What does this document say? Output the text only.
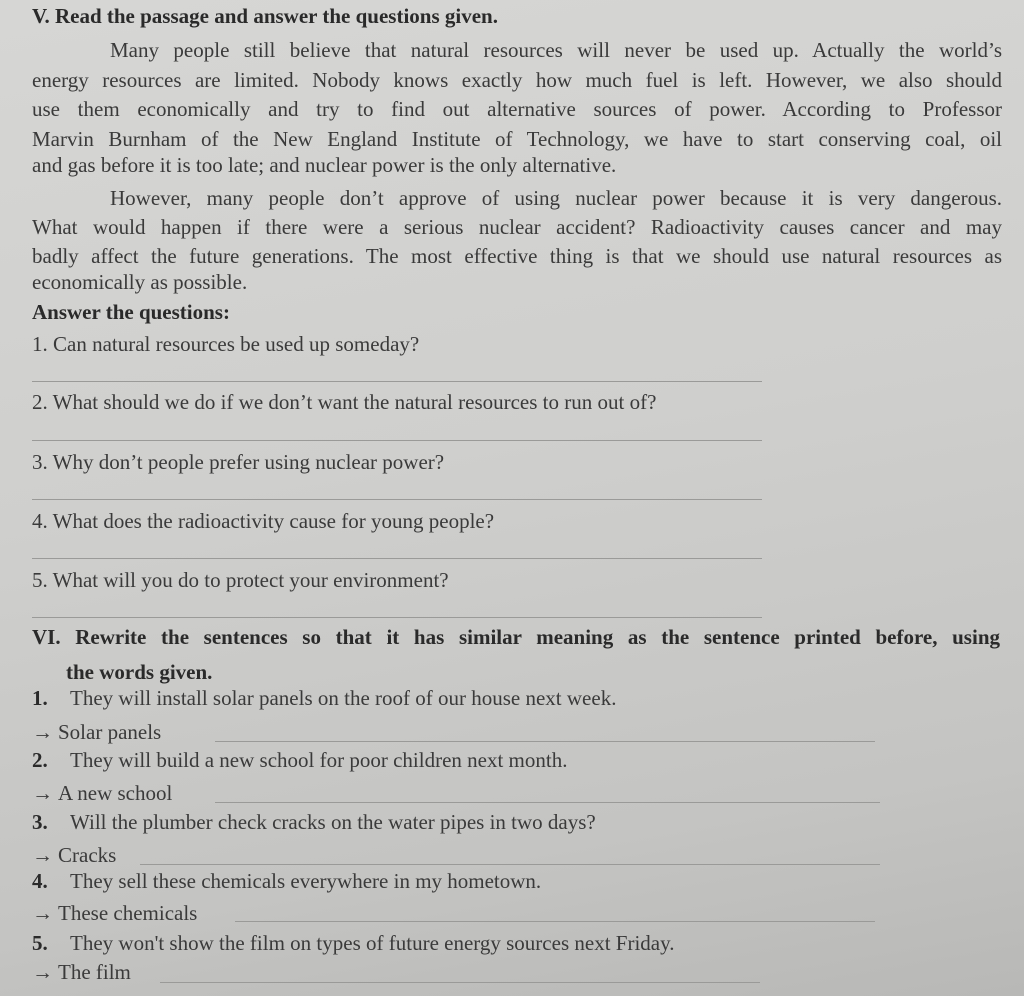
V. Read the passage and answer the questions given.
Many people still believe that natural resources will never be used up. Actually the world’s
energy resources are limited. Nobody knows exactly how much fuel is left. However, we also should
use them economically and try to find out alternative sources of power. According to Professor
Marvin Burnham of the New England Institute of Technology, we have to start conserving coal, oil
and gas before it is too late; and nuclear power is the only alternative.
However, many people don’t approve of using nuclear power because it is very dangerous.
What would happen if there were a serious nuclear accident? Radioactivity causes cancer and may
badly affect the future generations. The most effective thing is that we should use natural resources as
economically as possible.
Answer the questions:
1. Can natural resources be used up someday?
2. What should we do if we don’t want the natural resources to run out of?
3. Why don’t people prefer using nuclear power?
4. What does the radioactivity cause for young people?
5. What will you do to protect your environment?
VI. Rewrite the sentences so that it has similar meaning as the sentence printed before, using
the words given.
1. They will install solar panels on the roof of our house next week.
→ Solar panels
2. They will build a new school for poor children next month.
→ A new school
3. Will the plumber check cracks on the water pipes in two days?
→ Cracks
4. They sell these chemicals everywhere in my hometown.
→ These chemicals
5. They won't show the film on types of future energy sources next Friday.
→ The film
